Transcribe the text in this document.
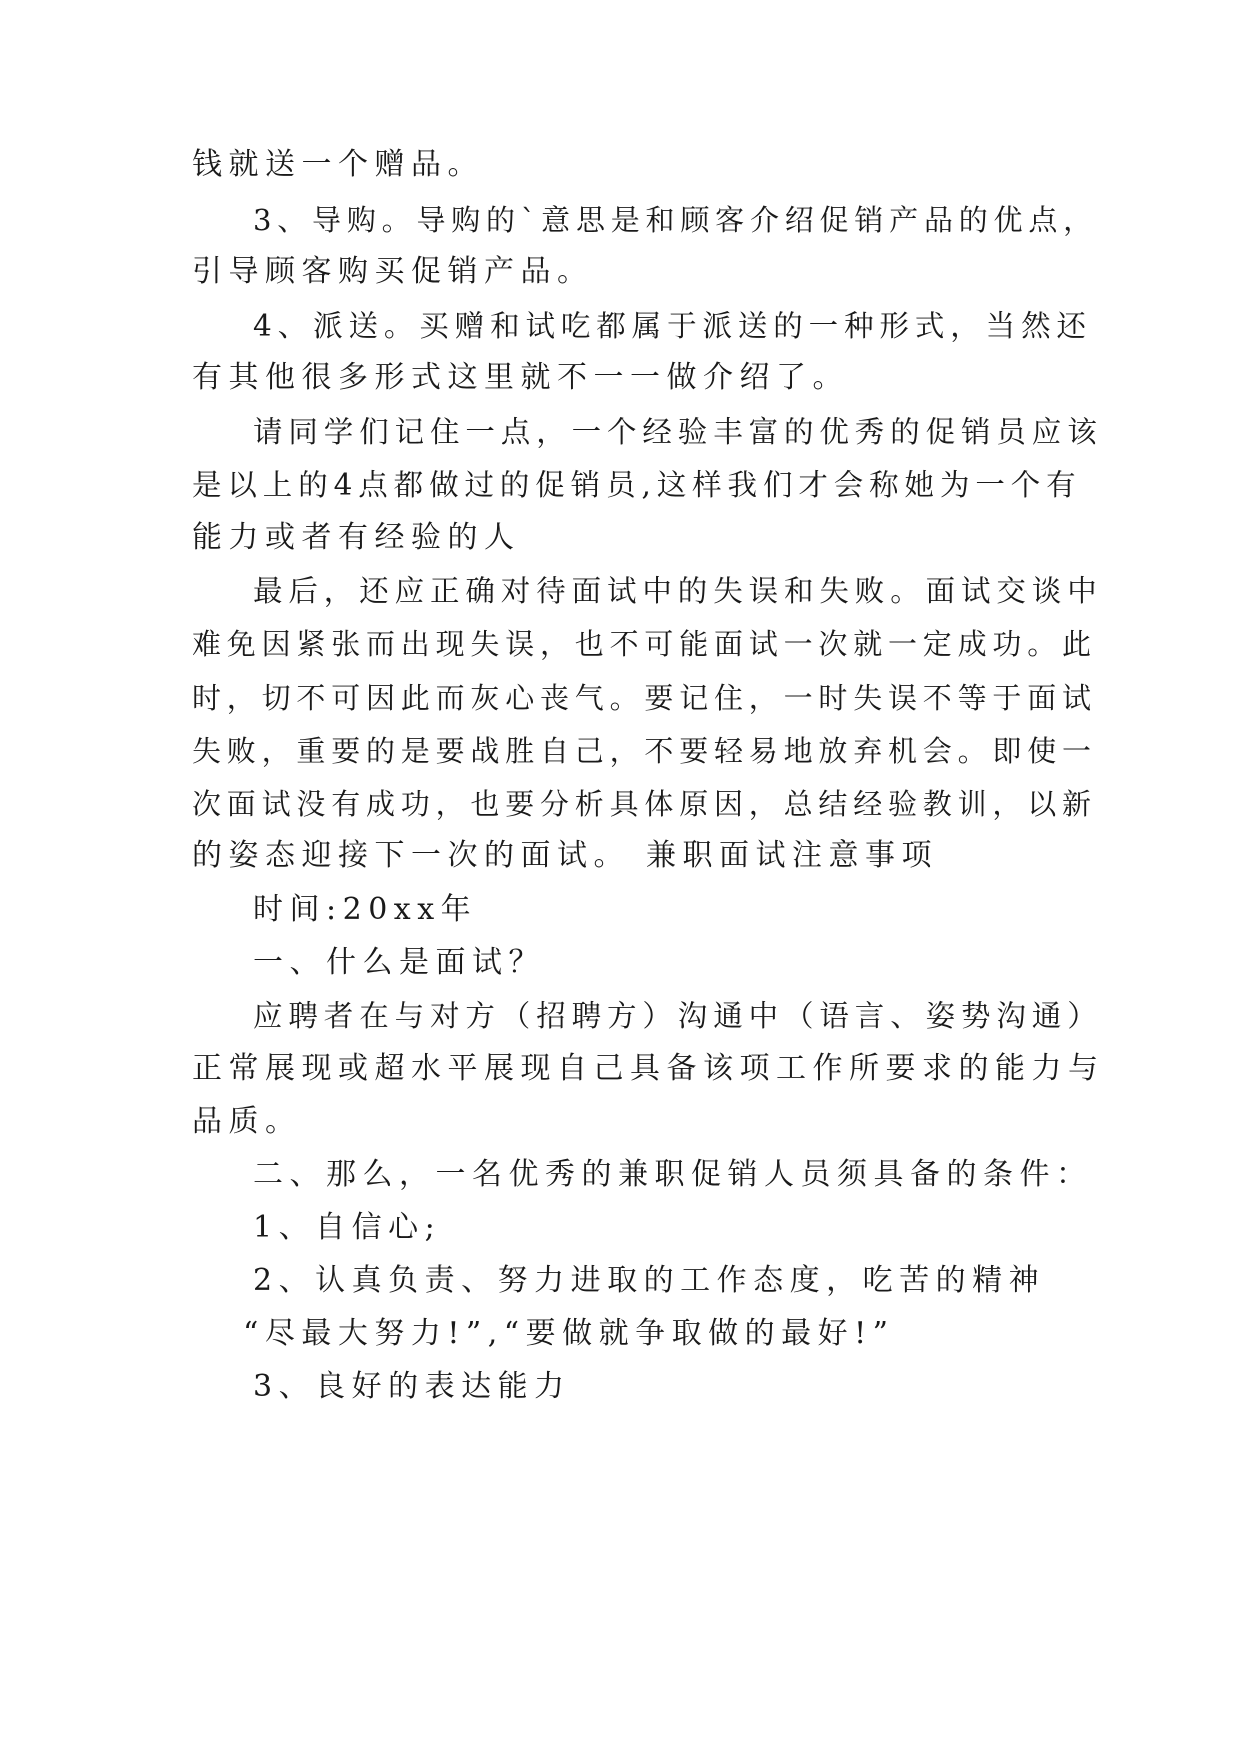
钱就送一个赠品。
3、导购。导购的`意思是和顾客介绍促销产品的优点，
引导顾客购买促销产品。
4、派送。买赠和试吃都属于派送的一种形式，当然还
有其他很多形式这里就不一一做介绍了。
请同学们记住一点，一个经验丰富的优秀的促销员应该
是以上的4点都做过的促销员,这样我们才会称她为一个有
能力或者有经验的人
最后，还应正确对待面试中的失误和失败。面试交谈中
难免因紧张而出现失误，也不可能面试一次就一定成功。此
时，切不可因此而灰心丧气。要记住，一时失误不等于面试
失败，重要的是要战胜自己，不要轻易地放弃机会。即使一
次面试没有成功，也要分析具体原因，总结经验教训，以新
的姿态迎接下一次的面试。 兼职面试注意事项
时间:20xx年
一、什么是面试？
应聘者在与对方（招聘方）沟通中（语言、姿势沟通）
正常展现或超水平展现自己具备该项工作所要求的能力与
品质。
二、那么，一名优秀的兼职促销人员须具备的条件：
1、自信心;
2、认真负责、努力进取的工作态度，吃苦的精神
“尽最大努力!”,“要做就争取做的最好!”
3、良好的表达能力
